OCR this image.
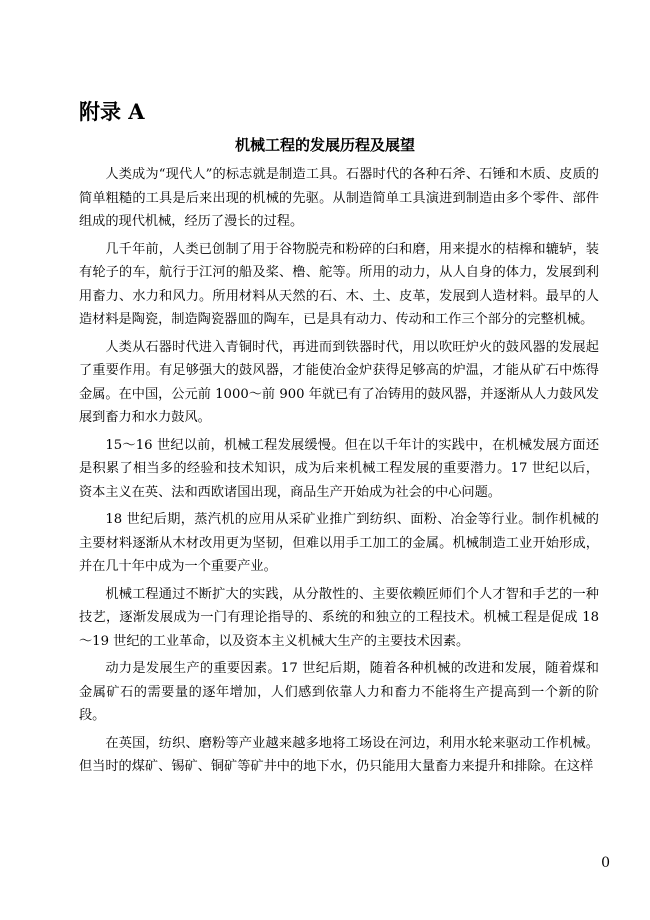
附录 A
机械工程的发展历程及展望

人类成为“现代人”的标志就是制造工具。石器时代的各种石斧、石锤和木质、皮质的简单粗糙的工具是后来出现的机械的先驱。从制造简单工具演进到制造由多个零件、部件组成的现代机械，经历了漫长的过程。

几千年前，人类已创制了用于谷物脱壳和粉碎的臼和磨，用来提水的桔槔和辘轳，装有轮子的车，航行于江河的船及桨、橹、舵等。所用的动力，从人自身的体力，发展到利用畜力、水力和风力。所用材料从天然的石、木、土、皮革，发展到人造材料。最早的人造材料是陶瓷，制造陶瓷器皿的陶车，已是具有动力、传动和工作三个部分的完整机械。

人类从石器时代进入青铜时代，再进而到铁器时代，用以吹旺炉火的鼓风器的发展起了重要作用。有足够强大的鼓风器，才能使冶金炉获得足够高的炉温，才能从矿石中炼得金属。在中国，公元前 1000～前 900 年就已有了冶铸用的鼓风器，并逐渐从人力鼓风发展到畜力和水力鼓风。

15～16 世纪以前，机械工程发展缓慢。但在以千年计的实践中，在机械发展方面还是积累了相当多的经验和技术知识，成为后来机械工程发展的重要潜力。17 世纪以后，资本主义在英、法和西欧诸国出现，商品生产开始成为社会的中心问题。

18 世纪后期，蒸汽机的应用从采矿业推广到纺织、面粉、冶金等行业。制作机械的主要材料逐渐从木材改用更为坚韧，但难以用手工加工的金属。机械制造工业开始形成，并在几十年中成为一个重要产业。

机械工程通过不断扩大的实践，从分散性的、主要依赖匠师们个人才智和手艺的一种技艺，逐渐发展成为一门有理论指导的、系统的和独立的工程技术。机械工程是促成 18～19 世纪的工业革命，以及资本主义机械大生产的主要技术因素。

动力是发展生产的重要因素。17 世纪后期，随着各种机械的改进和发展，随着煤和金属矿石的需要量的逐年增加，人们感到依靠人力和畜力不能将生产提高到一个新的阶段。

在英国，纺织、磨粉等产业越来越多地将工场设在河边，利用水轮来驱动工作机械。但当时的煤矿、锡矿、铜矿等矿井中的地下水，仍只能用大量畜力来提升和排除。在这样

0
